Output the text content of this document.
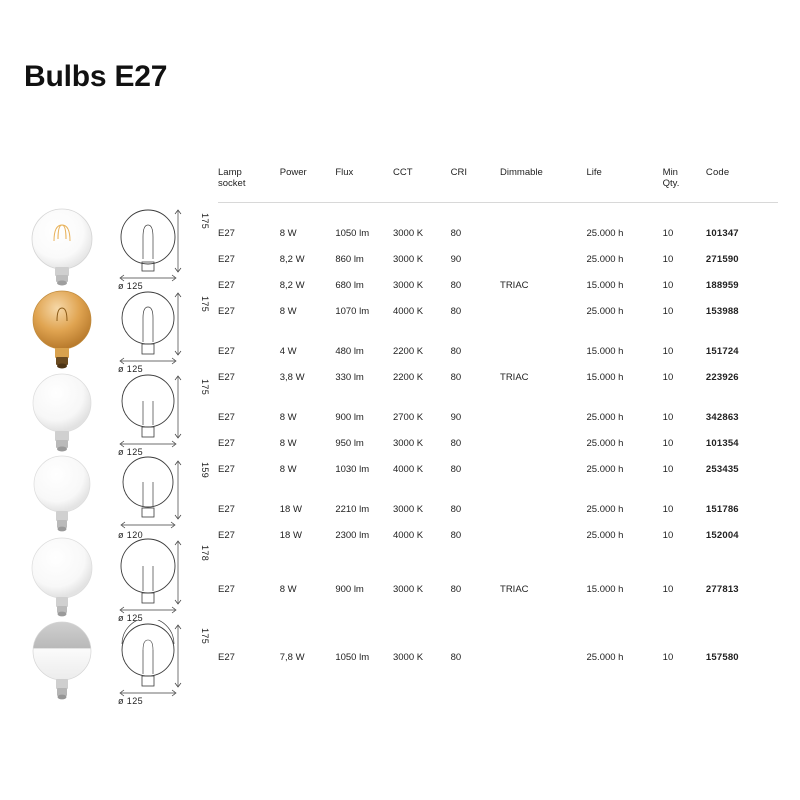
Bulbs E27
175
ø 125
175
ø 125
175
ø 125
159
ø 120
178
ø 125
175
ø 125
Lamp
socket	Power	Flux	CCT	CRI	Dimmable	Life	Min
Qty.	Code
E27	8 W	1050 lm	3000 K	80		25.000 h	10	101347
E27	8,2 W	860 lm	3000 K	90		25.000 h	10	271590
E27	8,2 W	680 lm	3000 K	80	TRIAC	15.000 h	10	188959
E27	8 W	1070 lm	4000 K	80		25.000 h	10	153988

E27	4 W	480 lm	2200 K	80		15.000 h	10	151724
E27	3,8 W	330 lm	2200 K	80	TRIAC	15.000 h	10	223926

E27	8 W	900 lm	2700 K	90		25.000 h	10	342863
E27	8 W	950 lm	3000 K	80		25.000 h	10	101354
E27	8 W	1030 lm	4000 K	80		25.000 h	10	253435

E27	18 W	2210 lm	3000 K	80		25.000 h	10	151786
E27	18 W	2300 lm	4000 K	80		25.000 h	10	152004

E27	8 W	900 lm	3000 K	80	TRIAC	15.000 h	10	277813

E27	7,8 W	1050 lm	3000 K	80		25.000 h	10	157580
